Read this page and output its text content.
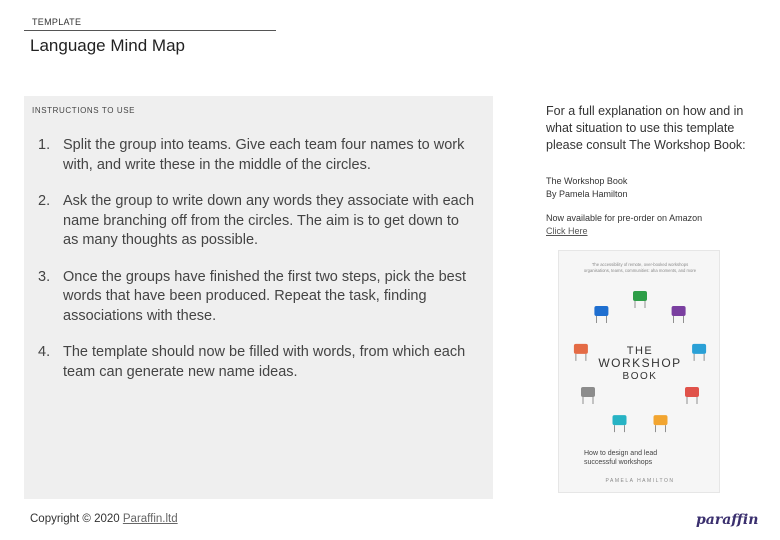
TEMPLATE
Language Mind Map
INSTRUCTIONS TO USE
1. Split the group into teams. Give each team four names to work with, and write these in the middle of the circles.
2. Ask the group to write down any words they associate with each name branching off from the circles. The aim is to get down to as many thoughts as possible.
3. Once the groups have finished the first two steps, pick the best words that have been produced. Repeat the task, finding associations with these.
4. The template should now be filled with words, from which each team can generate new name ideas.

For a full explanation on how and in what situation to use this template please consult The Workshop Book:

The Workshop Book
By Pamela Hamilton
Now available for pre-order on Amazon
Click Here
The accessibility of remote, over-booked workshops
organisations, teams, communities: aha moments, and more
THE
WORKSHOP
BOOK
How to design and lead
successful workshops
PAMELA HAMILTON
Copyright © 2020 Paraffin.ltd	paraffin
